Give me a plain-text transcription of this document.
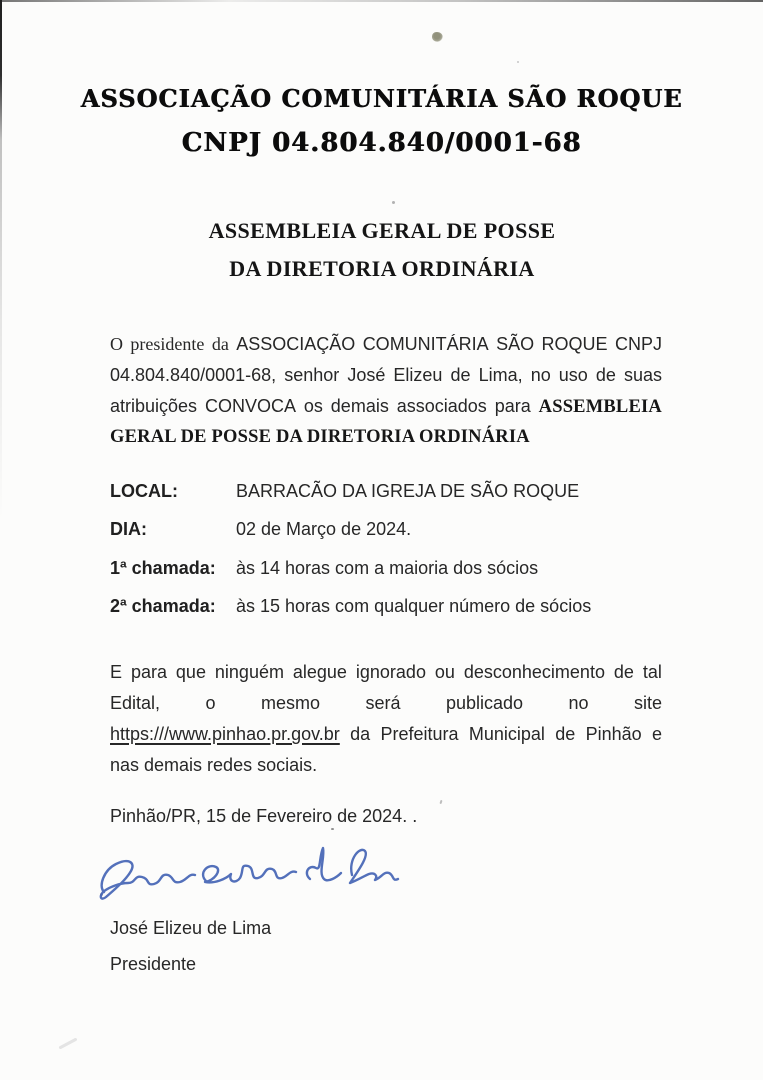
ASSOCIAÇÃO COMUNITÁRIA SÃO ROQUE
CNPJ 04.804.840/0001-68
ASSEMBLEIA GERAL DE POSSE
DA DIRETORIA ORDINÁRIA
O presidente da ASSOCIAÇÃO COMUNITÁRIA SÃO ROQUE CNPJ
04.804.840/0001-68, senhor José Elizeu de Lima, no uso de suas
atribuições CONVOCA os demais associados para ASSEMBLEIA
GERAL DE POSSE DA DIRETORIA ORDINÁRIA
LOCAL:	BARRACÃO DA IGREJA DE SÃO ROQUE
DIA:	02 de Março de 2024.
1ª chamada: às 14 horas com a maioria dos sócios
2ª chamada: às 15 horas com qualquer número de sócios
E para que ninguém alegue ignorado ou desconhecimento de tal
Edital,	o	mesmo	será	publicado	no	site
https:///www.pinhao.pr.gov.br da Prefeitura Municipal de Pinhão e
nas demais redes sociais.
Pinhão/PR, 15 de Fevereiro de 2024. .
José Elizeu de Lima
Presidente
